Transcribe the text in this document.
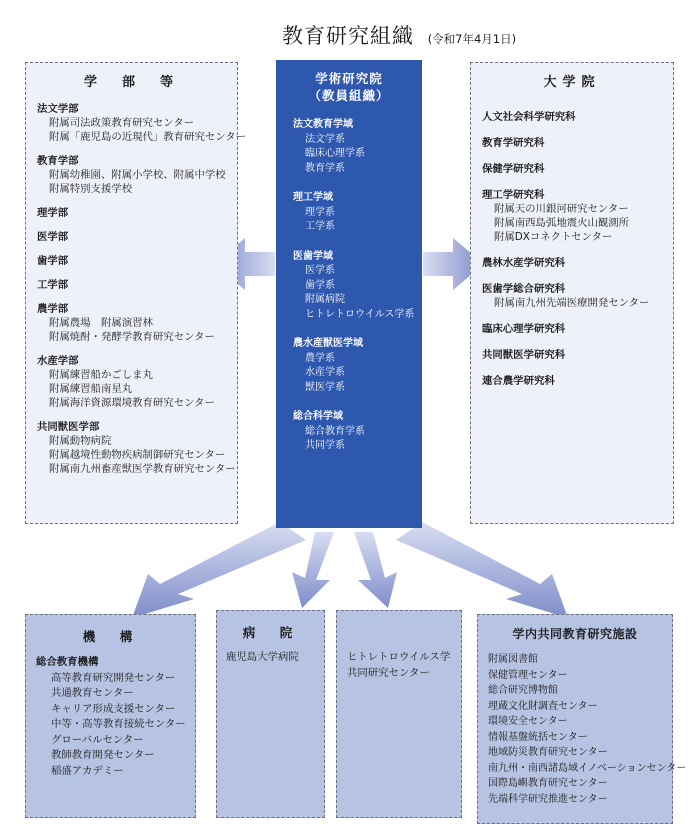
教育研究組織 (令和7年4月1日)
学　部　等
法文学部
附属司法政策教育研究センター
附属「鹿児島の近現代」教育研究センター
教育学部
附属幼稚園、附属小学校、附属中学校
附属特別支援学校
理学部
医学部
歯学部
工学部
農学部
附属農場　附属演習林
附属焼酎・発酵学教育研究センター
水産学部
附属練習船かごしま丸
附属練習船南星丸
附属海洋資源環境教育研究センター
共同獣医学部
附属動物病院
附属越境性動物疾病制御研究センター
附属南九州畜産獣医学教育研究センター
学術研究院
（教員組織）
法文教育学域
法文学系
臨床心理学系
教育学系
理工学域
理学系
工学系
医歯学域
医学系
歯学系
附属病院
ヒトレトロウイルス学系
農水産獣医学域
農学系
水産学系
獣医学系
総合科学域
総合教育学系
共同学系
大学院
人文社会科学研究科
教育学研究科
保健学研究科
理工学研究科
附属天の川銀河研究センター
附属南西島弧地震火山観測所
附属DXコネクトセンター
農林水産学研究科
医歯学総合研究科
附属南九州先端医療開発センター
臨床心理学研究科
共同獣医学研究科
連合農学研究科
機　構
総合教育機構
高等教育研究開発センター
共通教育センター
キャリア形成支援センター
中等・高等教育接続センター
グローバルセンター
教師教育開発センター
稲盛アカデミー
病　院
鹿児島大学病院	ヒトレトロウイルス学
共同研究センター
学内共同教育研究施設
附属図書館
保健管理センター
総合研究博物館
埋蔵文化財調査センター
環境安全センター
情報基盤統括センター
地域防災教育研究センター
南九州・南西諸島域イノベーションセンター
国際島嶼教育研究センター
先端科学研究推進センター
